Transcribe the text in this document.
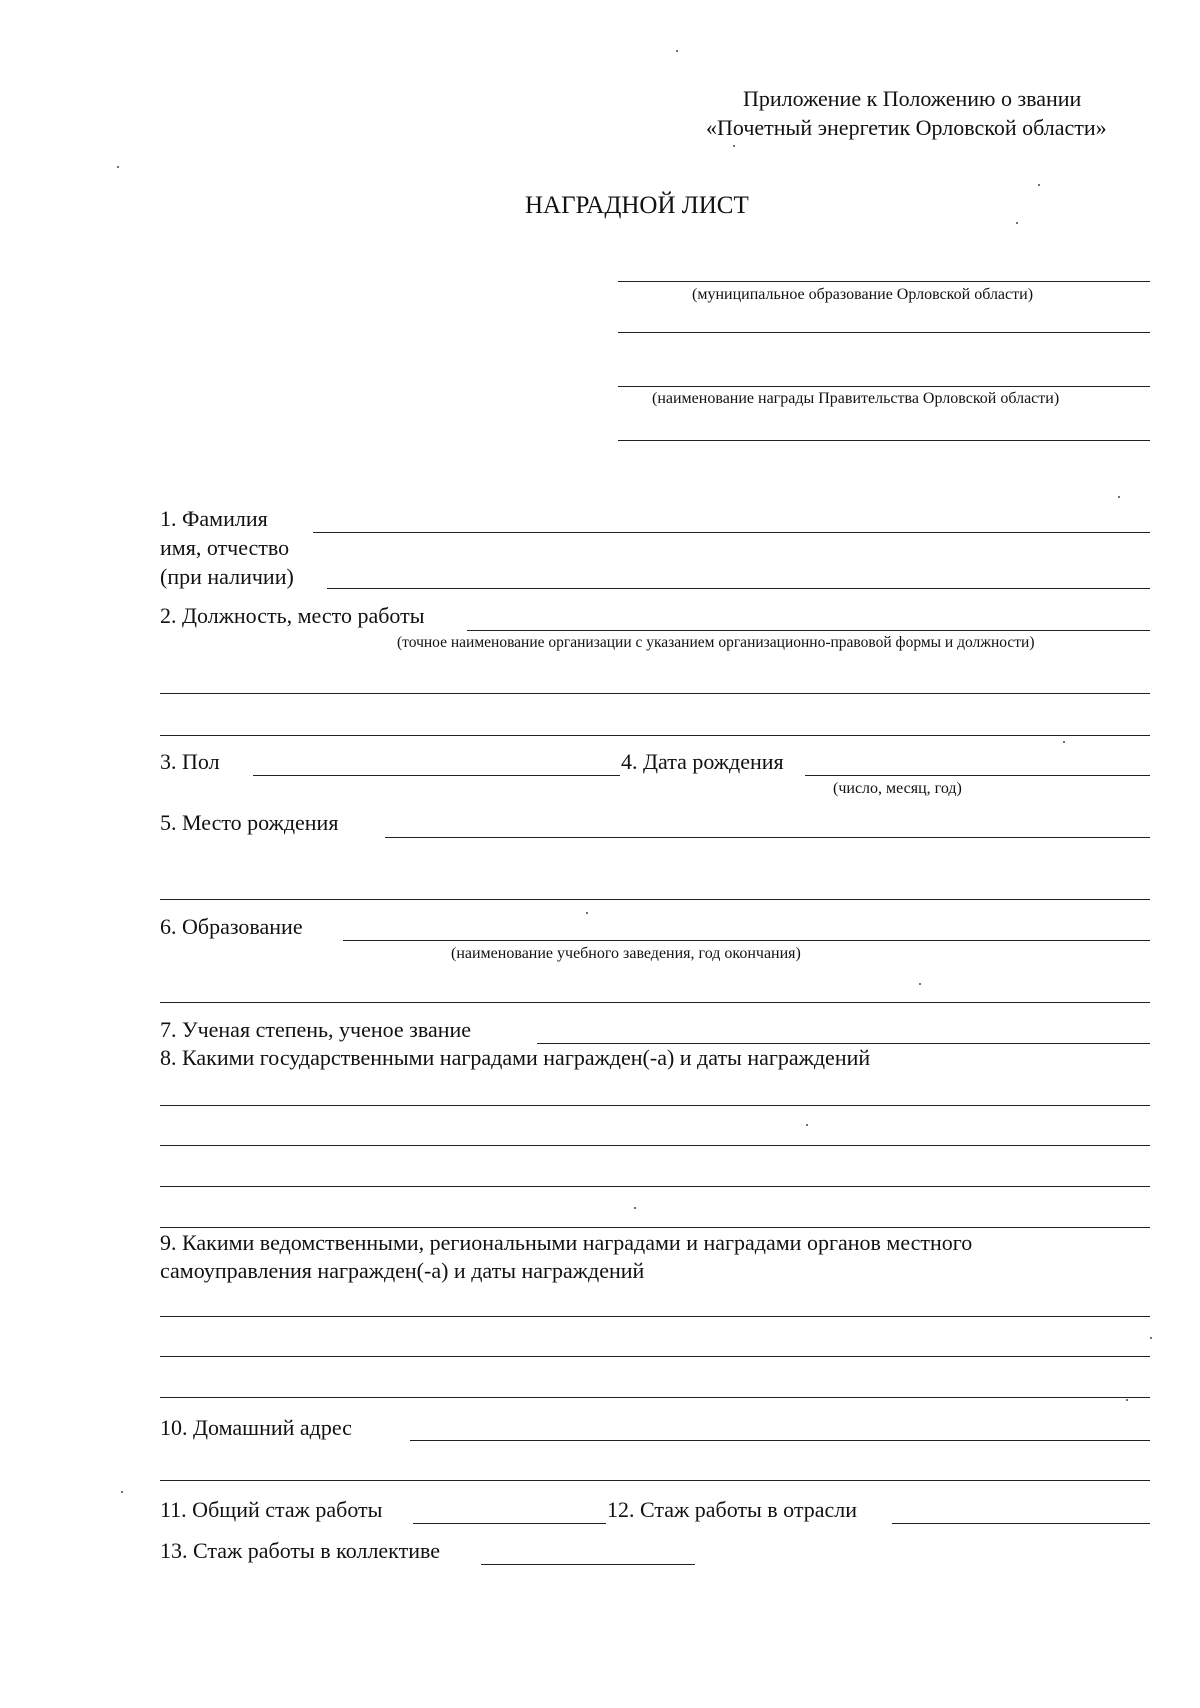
Приложение к Положению о звании
«Почетный энергетик Орловской области»
НАГРАДНОЙ ЛИСТ
(муниципальное образование Орловской области)
(наименование награды Правительства Орловской области)
1. Фамилия
имя, отчество
(при наличии)
2. Должность, место работы
(точное наименование организации с указанием организационно-правовой формы и должности)
3. Пол	4. Дата рождения
(число, месяц, год)
5. Место рождения
6. Образование
(наименование учебного заведения, год окончания)
7. Ученая степень, ученое звание
8. Какими государственными наградами награжден(-а) и даты награждений
9. Какими ведомственными, региональными наградами и наградами органов местного
самоуправления награжден(-а) и даты награждений
10. Домашний адрес
11. Общий стаж работы	12. Стаж работы в отрасли
13. Стаж работы в коллективе
